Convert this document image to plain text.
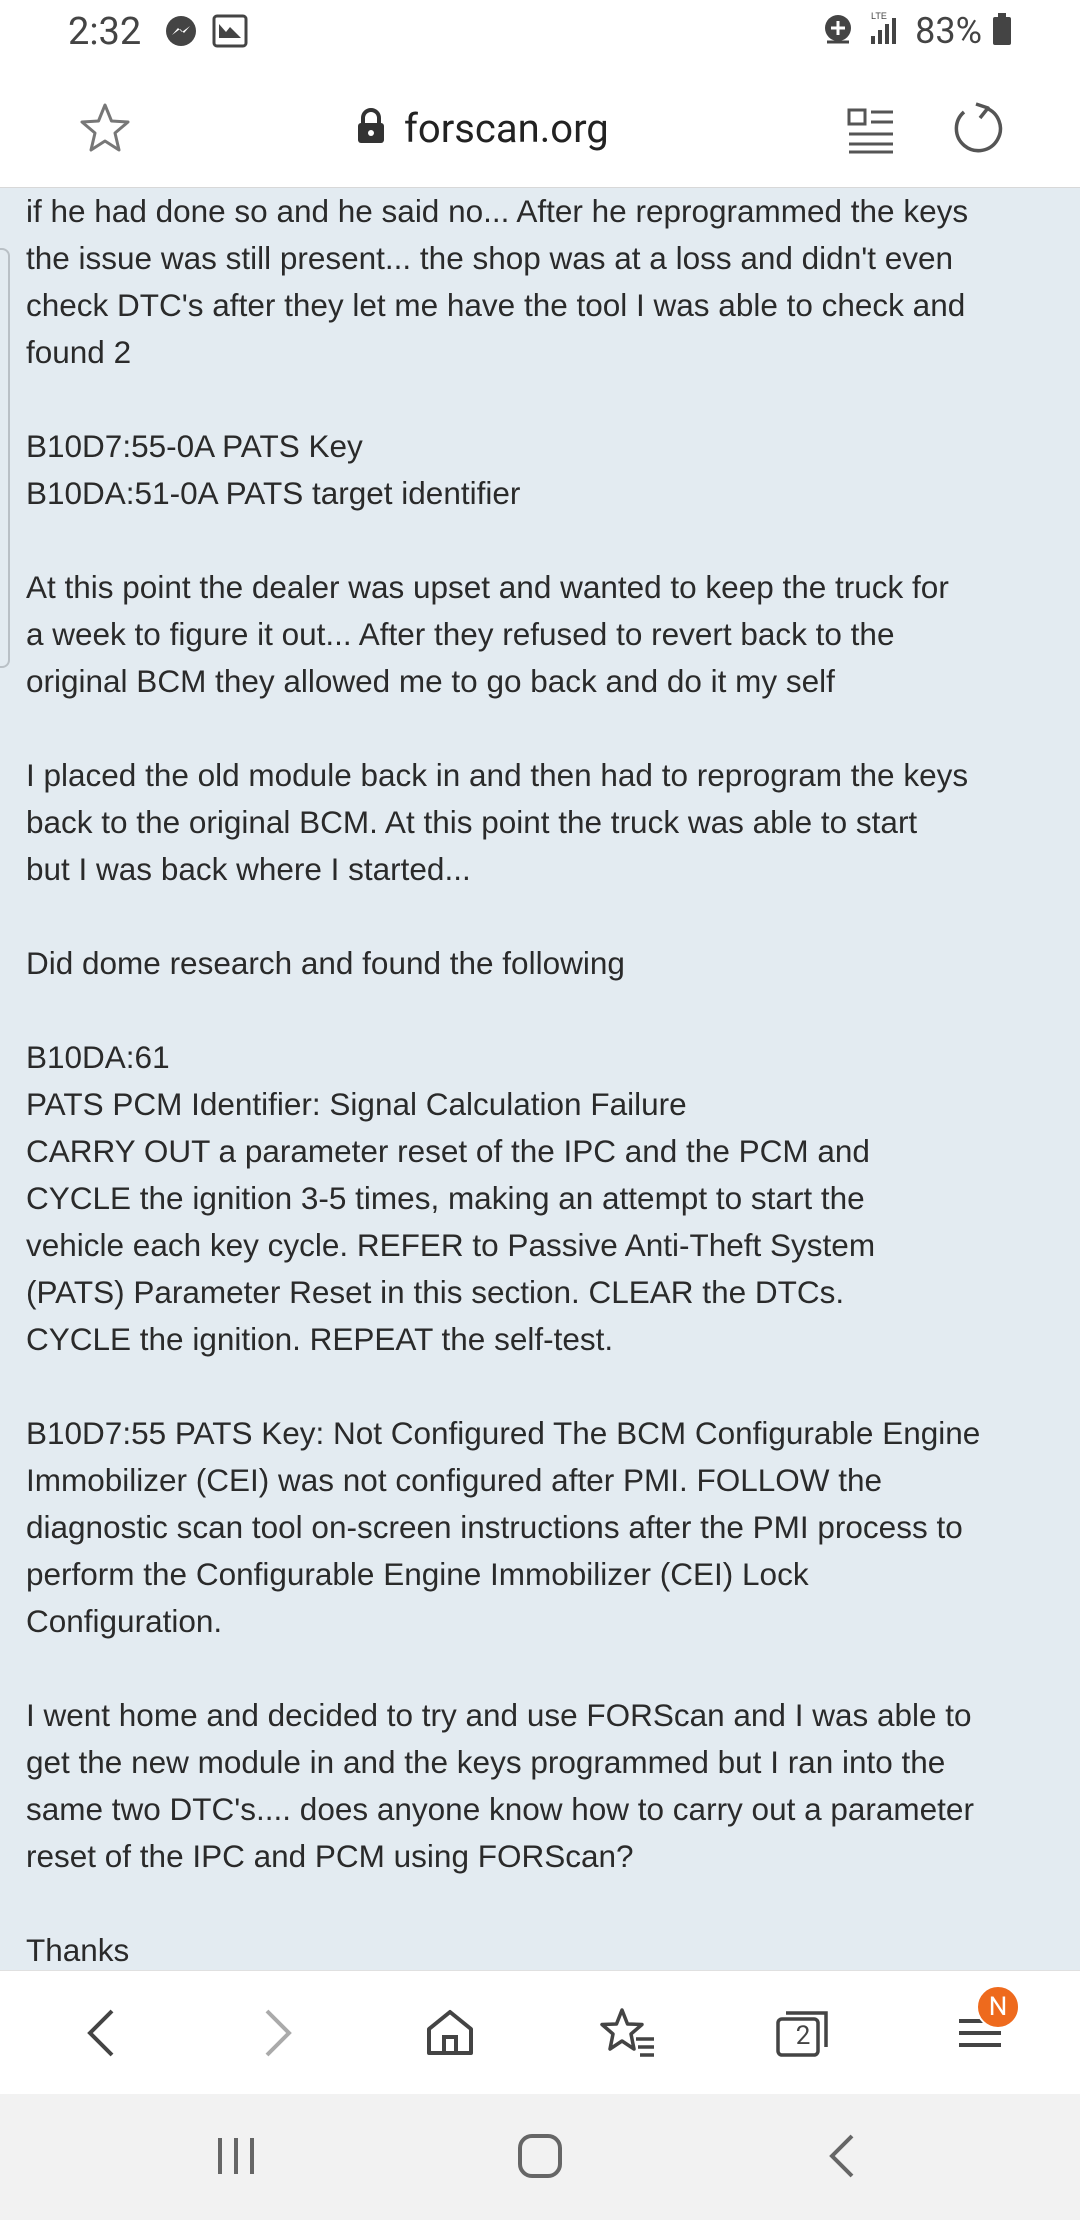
2:32	LTE 83%
forscan.org

if he had done so and he said no... After he reprogrammed the keys
the issue was still present... the shop was at a loss and didn't even
check DTC's after they let me have the tool I was able to check and
found 2

B10D7:55-0A PATS Key
B10DA:51-0A PATS target identifier

At this point the dealer was upset and wanted to keep the truck for
a week to figure it out... After they refused to revert back to the
original BCM they allowed me to go back and do it my self

I placed the old module back in and then had to reprogram the keys
back to the original BCM. At this point the truck was able to start
but I was back where I started...

Did dome research and found the following

B10DA:61
PATS PCM Identifier: Signal Calculation Failure
CARRY OUT a parameter reset of the IPC and the PCM and
CYCLE the ignition 3-5 times, making an attempt to start the
vehicle each key cycle. REFER to Passive Anti-Theft System
(PATS) Parameter Reset in this section. CLEAR the DTCs.
CYCLE the ignition. REPEAT the self-test.

B10D7:55 PATS Key: Not Configured The BCM Configurable Engine
Immobilizer (CEI) was not configured after PMI. FOLLOW the
diagnostic scan tool on-screen instructions after the PMI process to
perform the Configurable Engine Immobilizer (CEI) Lock
Configuration.

I went home and decided to try and use FORScan and I was able to
get the new module in and the keys programmed but I ran into the
same two DTC's.... does anyone know how to carry out a parameter
reset of the IPC and PCM using FORScan?

Thanks

2
N
